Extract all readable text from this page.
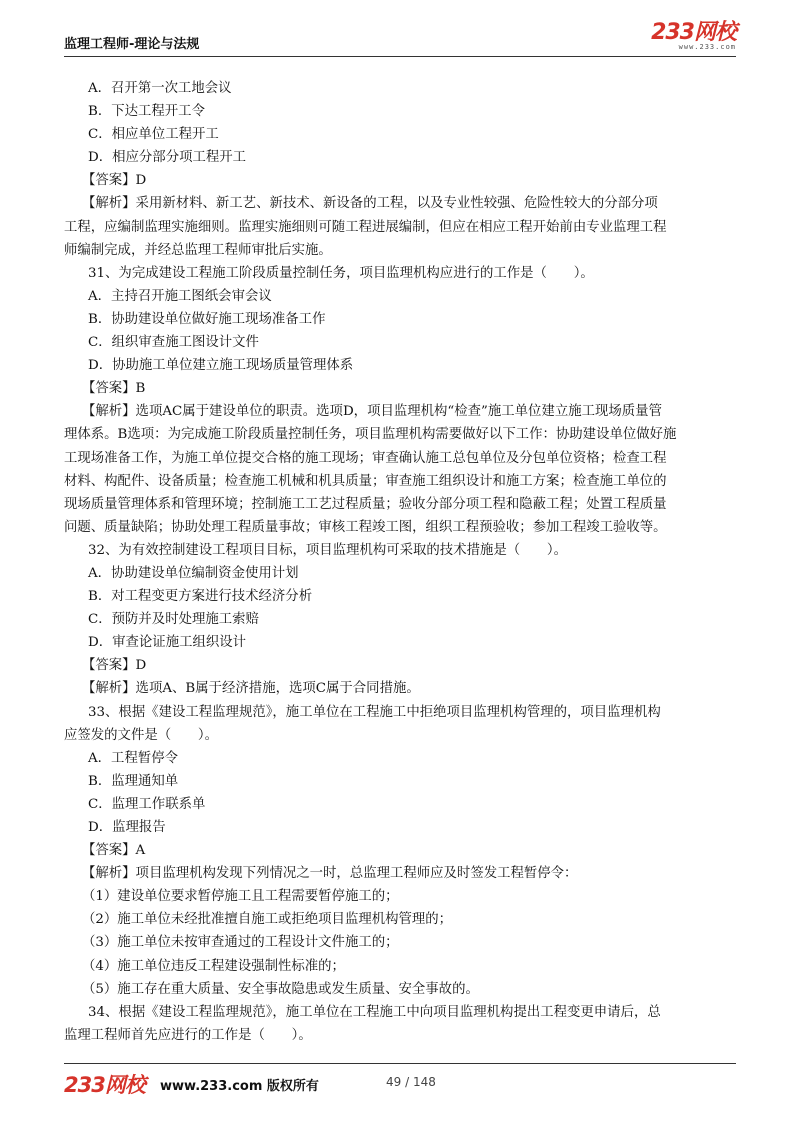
监理工程师-理论与法规	233网校
www.233.com
A．召开第一次工地会议
B．下达工程开工令
C．相应单位工程开工
D．相应分部分项工程开工
【答案】D
【解析】采用新材料、新工艺、新技术、新设备的工程，以及专业性较强、危险性较大的分部分项
工程，应编制监理实施细则。监理实施细则可随工程进展编制，但应在相应工程开始前由专业监理工程
师编制完成，并经总监理工程师审批后实施。
31、为完成建设工程施工阶段质量控制任务，项目监理机构应进行的工作是（　　）。
A．主持召开施工图纸会审会议
B．协助建设单位做好施工现场准备工作
C．组织审查施工图设计文件
D．协助施工单位建立施工现场质量管理体系
【答案】B
【解析】选项AC属于建设单位的职责。选项D，项目监理机构“检查”施工单位建立施工现场质量管
理体系。B选项：为完成施工阶段质量控制任务，项目监理机构需要做好以下工作：协助建设单位做好施
工现场准备工作，为施工单位提交合格的施工现场；审查确认施工总包单位及分包单位资格；检查工程
材料、构配件、设备质量；检查施工机械和机具质量；审查施工组织设计和施工方案；检查施工单位的
现场质量管理体系和管理环境；控制施工工艺过程质量；验收分部分项工程和隐蔽工程；处置工程质量
问题、质量缺陷；协助处理工程质量事故；审核工程竣工图，组织工程预验收；参加工程竣工验收等。
32、为有效控制建设工程项目目标，项目监理机构可采取的技术措施是（　　）。
A．协助建设单位编制资金使用计划
B．对工程变更方案进行技术经济分析
C．预防并及时处理施工索赔
D．审查论证施工组织设计
【答案】D
【解析】选项A、B属于经济措施，选项C属于合同措施。
33、根据《建设工程监理规范》，施工单位在工程施工中拒绝项目监理机构管理的，项目监理机构
应签发的文件是（　　）。
A．工程暂停令
B．监理通知单
C．监理工作联系单
D．监理报告
【答案】A
【解析】项目监理机构发现下列情况之一时，总监理工程师应及时签发工程暂停令：
（1）建设单位要求暂停施工且工程需要暂停施工的；
（2）施工单位未经批准擅自施工或拒绝项目监理机构管理的；
（3）施工单位未按审查通过的工程设计文件施工的；
（4）施工单位违反工程建设强制性标准的；
（5）施工存在重大质量、安全事故隐患或发生质量、安全事故的。
34、根据《建设工程监理规范》，施工单位在工程施工中向项目监理机构提出工程变更申请后，总
监理工程师首先应进行的工作是（　　）。
233网校 www.233.com 版权所有	49 / 148
